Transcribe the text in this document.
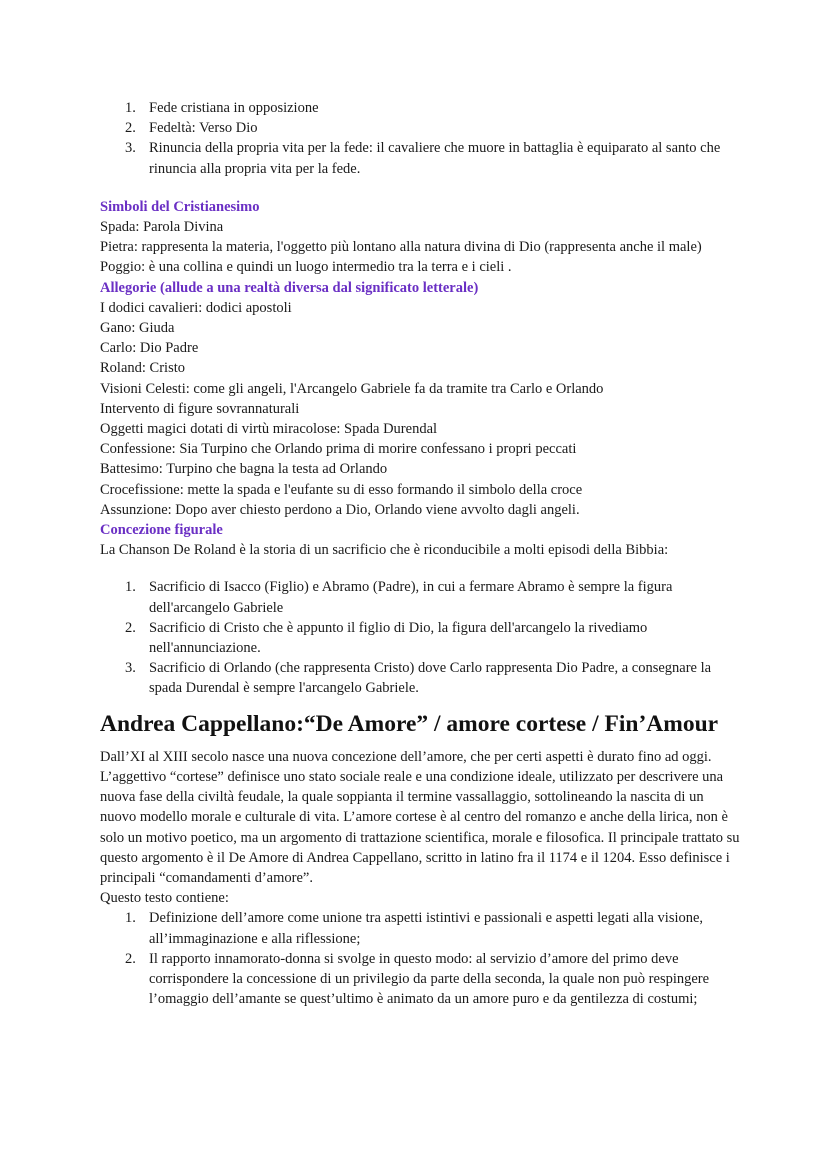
1. Fede cristiana in opposizione
2. Fedeltà: Verso Dio
3. Rinuncia della propria vita per la fede: il cavaliere che muore in battaglia è equiparato al santo che rinuncia alla propria vita per la fede.
Simboli del Cristianesimo
Spada: Parola Divina
Pietra: rappresenta la materia, l'oggetto più lontano alla natura divina di Dio (rappresenta anche il male)
Poggio: è una collina e quindi un luogo intermedio tra la terra e i cieli .
Allegorie (allude a una realtà diversa dal significato letterale)
I dodici cavalieri: dodici apostoli
Gano: Giuda
Carlo: Dio Padre
Roland: Cristo
Visioni Celesti: come gli angeli, l'Arcangelo Gabriele fa da tramite tra Carlo e Orlando
Intervento di figure sovrannaturali
Oggetti magici dotati di virtù miracolose: Spada Durendal
Confessione: Sia Turpino che Orlando prima di morire confessano i propri peccati
Battesimo: Turpino che bagna la testa ad Orlando
Crocefissione: mette la spada e l'eufante su di esso formando il simbolo della croce
Assunzione: Dopo aver chiesto perdono a Dio, Orlando viene avvolto dagli angeli.
Concezione figurale
La Chanson De Roland è la storia di un sacrificio che è riconducibile a molti episodi della Bibbia:
1. Sacrificio di Isacco (Figlio) e Abramo (Padre), in cui a fermare Abramo è sempre la figura dell'arcangelo Gabriele
2. Sacrificio di Cristo che è appunto il figlio di Dio, la figura dell'arcangelo la rivediamo nell'annunciazione.
3. Sacrificio di Orlando (che rappresenta Cristo) dove Carlo rappresenta Dio Padre, a consegnare la spada Durendal è sempre l'arcangelo Gabriele.
Andrea Cappellano:“De Amore” / amore cortese / Fin’Amour
Dall’XI al XIII secolo nasce una nuova concezione dell’amore, che per certi aspetti è durato fino ad oggi. L’aggettivo “cortese” definisce uno stato sociale reale e una condizione ideale, utilizzato per descrivere una nuova fase della civiltà feudale, la quale soppianta il termine vassallaggio, sottolineando la nascita di un nuovo modello morale e culturale di vita. L’amore cortese è al centro del romanzo e anche della lirica, non è solo un motivo poetico, ma un argomento di trattazione scientifica, morale e filosofica. Il principale trattato su questo argomento è il De Amore di Andrea Cappellano, scritto in latino fra il 1174 e il 1204. Esso definisce i principali “comandamenti d’amore”.
Questo testo contiene:
1. Definizione dell’amore come unione tra aspetti istintivi e passionali e aspetti legati alla visione, all’immaginazione e alla riflessione;
2. Il rapporto innamorato-donna si svolge in questo modo: al servizio d’amore del primo deve corrispondere la concessione di un privilegio da parte della seconda, la quale non può respingere l’omaggio dell’amante se quest’ultimo è animato da un amore puro e da gentilezza di costumi;
